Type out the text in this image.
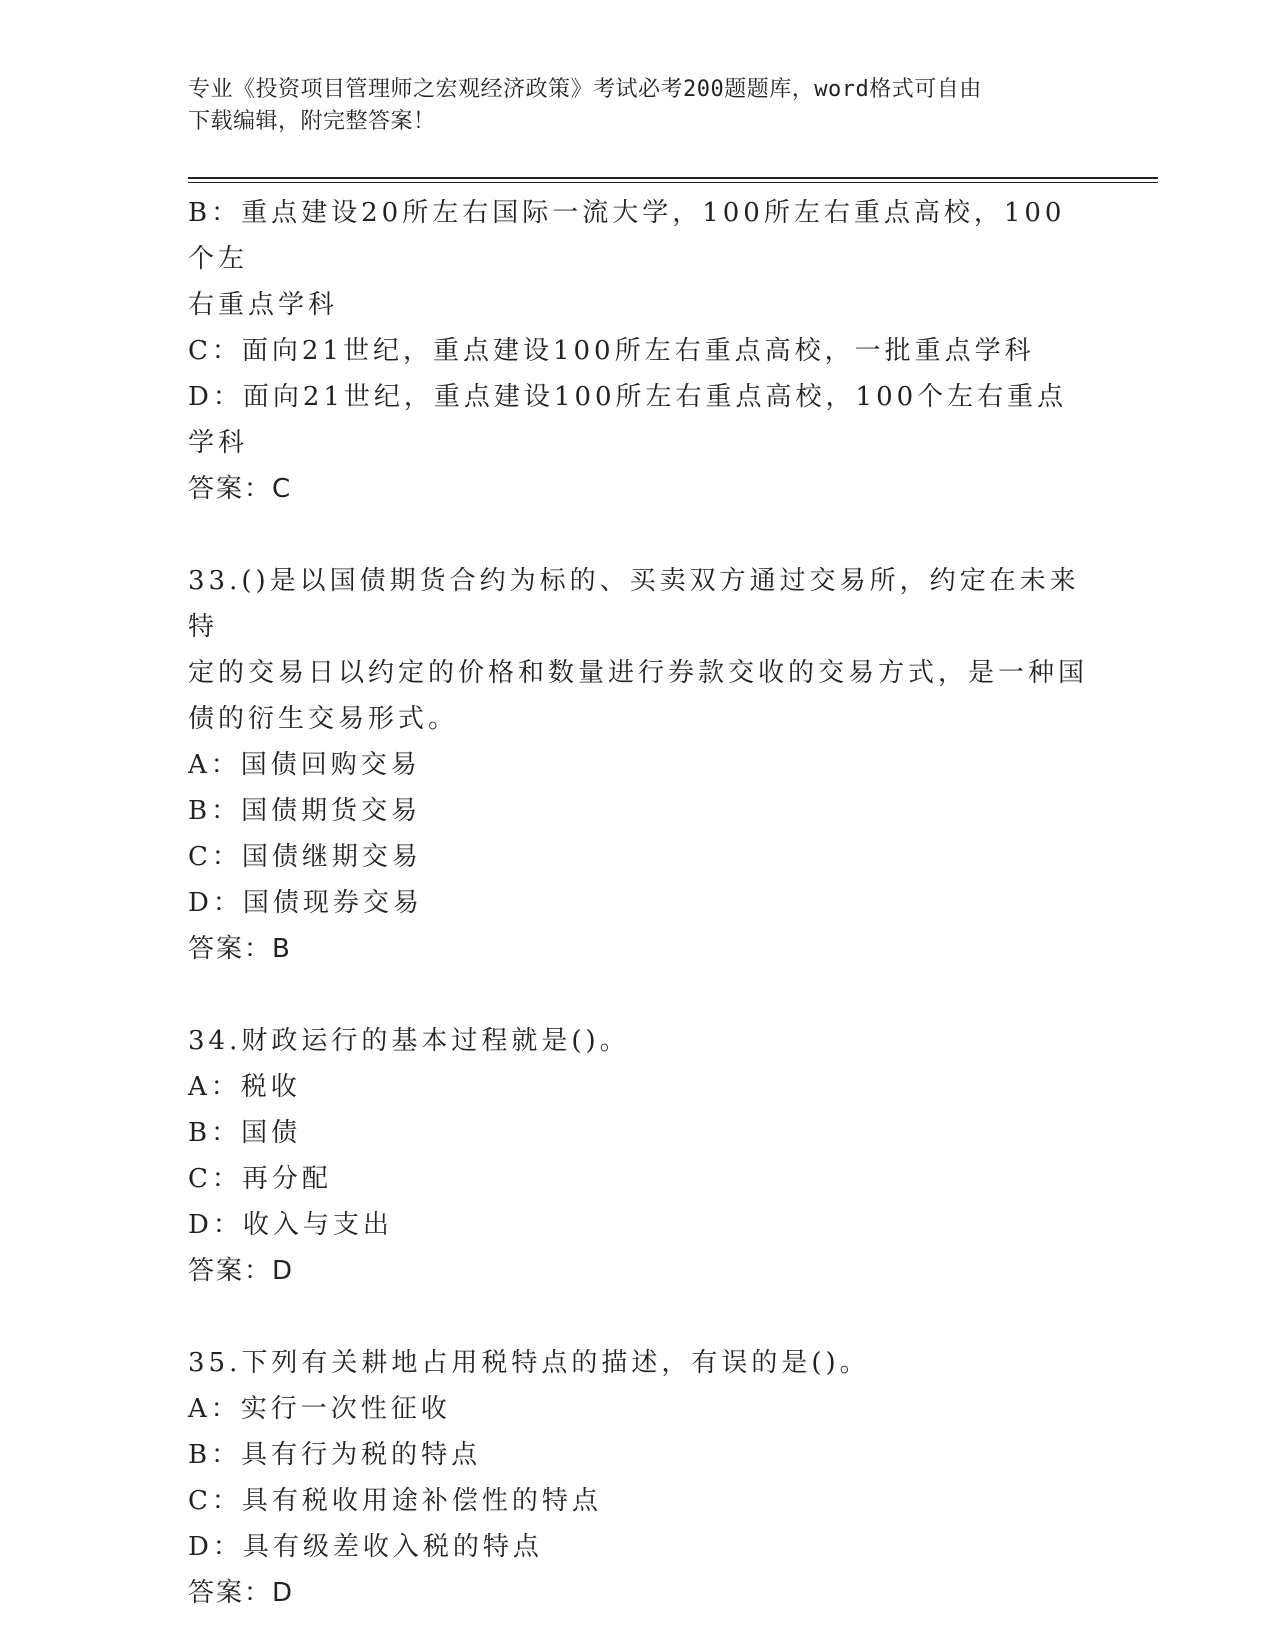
专业《投资项目管理师之宏观经济政策》考试必考200题题库，word格式可自由
下载编辑，附完整答案！
B：重点建设20所左右国际一流大学，100所左右重点高校，100个左
右重点学科
C：面向21世纪，重点建设100所左右重点高校，一批重点学科
D：面向21世纪，重点建设100所左右重点高校，100个左右重点学科
答案：C
33.()是以国债期货合约为标的、买卖双方通过交易所，约定在未来特
定的交易日以约定的价格和数量进行券款交收的交易方式，是一种国
债的衍生交易形式。
A：国债回购交易
B：国债期货交易
C：国债继期交易
D：国债现券交易
答案：B
34.财政运行的基本过程就是()。
A：税收
B：国债
C：再分配
D：收入与支出
答案：D
35.下列有关耕地占用税特点的描述，有误的是()。
A：实行一次性征收
B：具有行为税的特点
C：具有税收用途补偿性的特点
D：具有级差收入税的特点
答案：D
